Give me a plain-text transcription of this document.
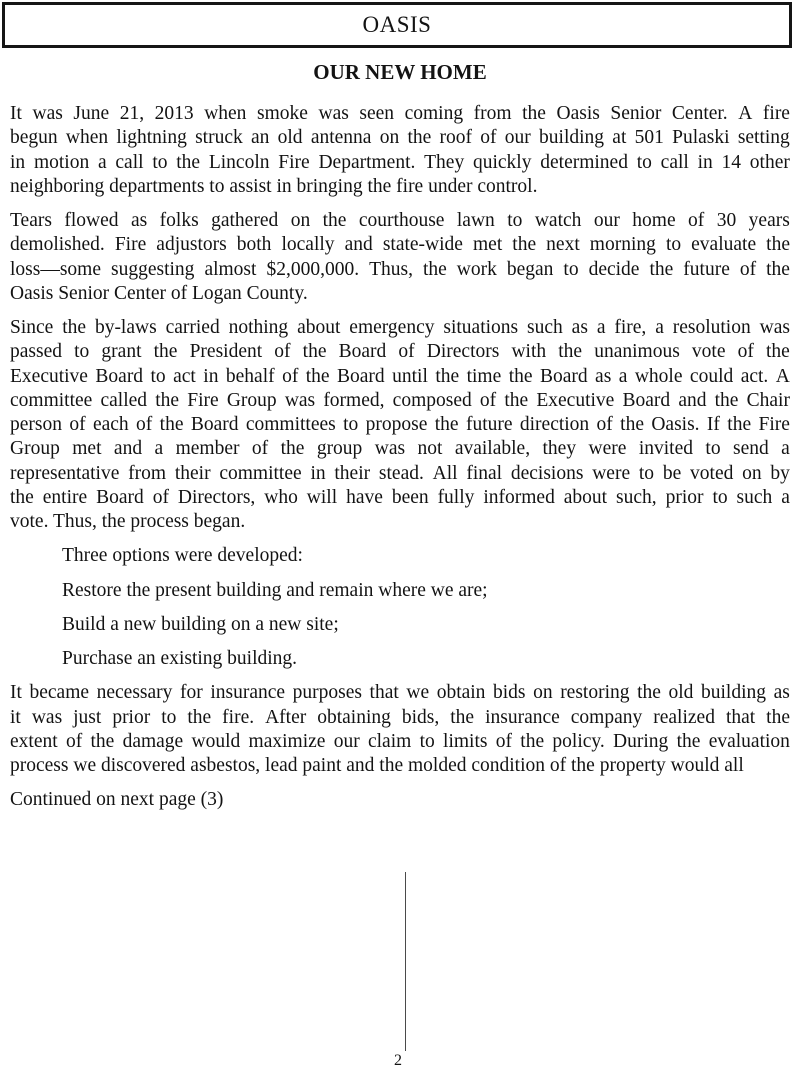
OASIS
OUR NEW HOME
It was June 21, 2013 when smoke was seen coming from the Oasis Senior Center. A fire
begun when lightning struck an old antenna on the roof of our building at 501 Pulaski setting
in motion a call to the Lincoln Fire Department. They quickly determined to call in 14 other
neighboring departments to assist in bringing the fire under control.
Tears flowed as folks gathered on the courthouse lawn to watch our home of 30 years
demolished. Fire adjustors both locally and state-wide met the next morning to evaluate the
loss—some suggesting almost $2,000,000. Thus, the work began to decide the future of the
Oasis Senior Center of Logan County.
Since the by-laws carried nothing about emergency situations such as a fire, a resolution was
passed to grant the President of the Board of Directors with the unanimous vote of the
Executive Board to act in behalf of the Board until the time the Board as a whole could act. A
committee called the Fire Group was formed, composed of the Executive Board and the Chair
person of each of the Board committees to propose the future direction of the Oasis. If the Fire
Group met and a member of the group was not available, they were invited to send a
representative from their committee in their stead. All final decisions were to be voted on by
the entire Board of Directors, who will have been fully informed about such, prior to such a
vote. Thus, the process began.
Three options were developed:
Restore the present building and remain where we are;
Build a new building on a new site;
Purchase an existing building.
It became necessary for insurance purposes that we obtain bids on restoring the old building as
it was just prior to the fire. After obtaining bids, the insurance company realized that the
extent of the damage would maximize our claim to limits of the policy. During the evaluation
process we discovered asbestos, lead paint and the molded condition of the property would all
Continued on next page (3)
2
